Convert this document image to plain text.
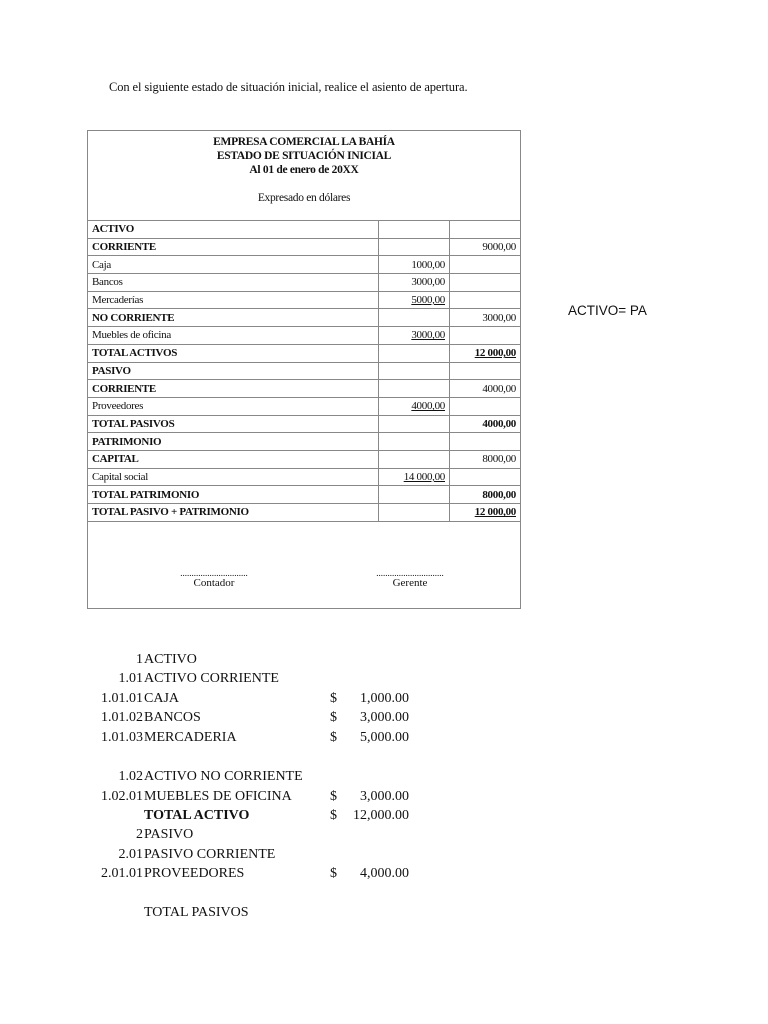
Con el siguiente estado de situación inicial, realice el asiento de apertura.
EMPRESA COMERCIAL LA BAHÍA
ESTADO DE SITUACIÓN INICIAL
Al 01 de enero de 20XX
Expresado en dólares
ACTIVO		
CORRIENTE		9000,00
Caja	1000,00	
Bancos	3000,00	
Mercaderías	5000,00	
NO CORRIENTE		3000,00
Muebles de oficina	3000,00	
TOTAL ACTIVOS		12 000,00
PASIVO		
CORRIENTE		4000,00
Proveedores	4000,00	
TOTAL PASIVOS		4000,00
PATRIMONIO		
CAPITAL		8000,00
Capital social	14 000,00	
TOTAL PATRIMONIO		8000,00
TOTAL PASIVO + PATRIMONIO		12 000,00
..............................
Contador
..............................
Gerente
ACTIVO= PA
1 ACTIVO
1.01 ACTIVO CORRIENTE
1.01.01 CAJA	$	1,000.00
1.01.02 BANCOS	$	3,000.00
1.01.03 MERCADERIA	$	5,000.00
1.02 ACTIVO NO CORRIENTE
1.02.01 MUEBLES DE OFICINA	$	3,000.00
TOTAL ACTIVO	$	12,000.00
2 PASIVO
2.01 PASIVO CORRIENTE
2.01.01 PROVEEDORES	$	4,000.00
TOTAL PASIVOS
